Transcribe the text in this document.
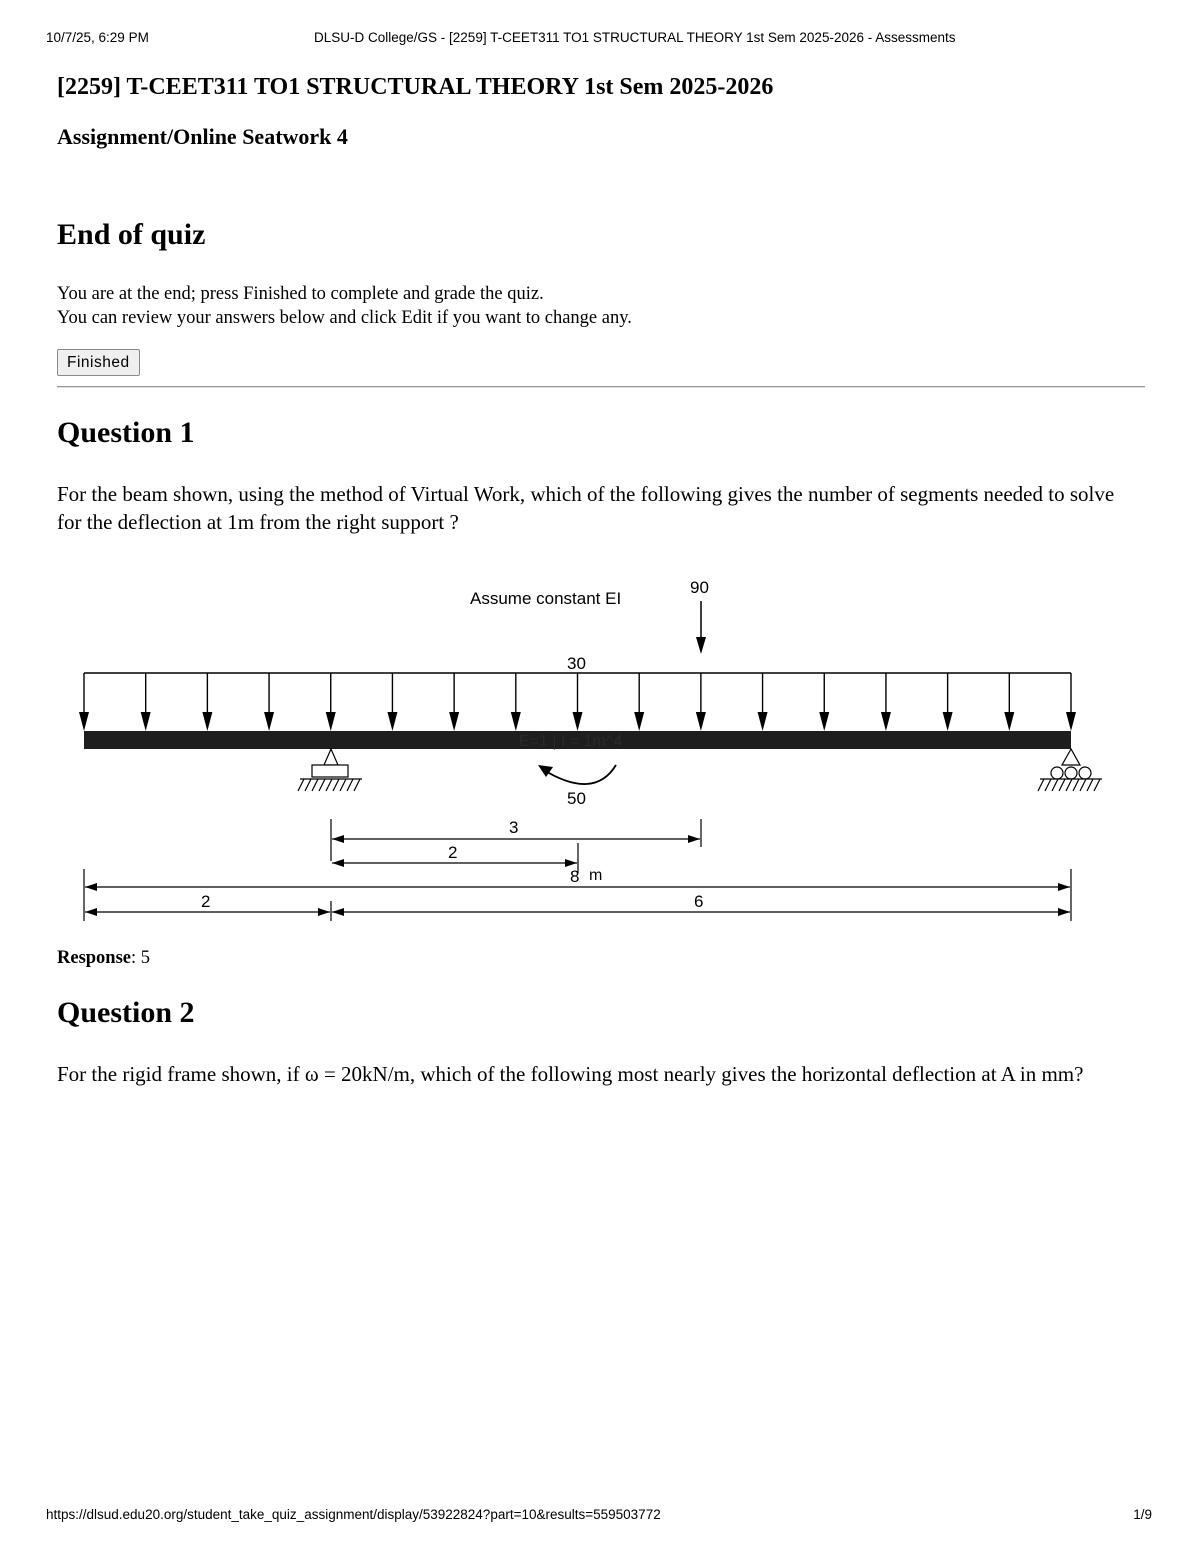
10/7/25, 6:29 PM	DLSU-D College/GS - [2259] T-CEET311 TO1 STRUCTURAL THEORY 1st Sem 2025-2026 - Assessments
[2259] T-CEET311 TO1 STRUCTURAL THEORY 1st Sem 2025-2026
Assignment/Online Seatwork 4
End of quiz
You are at the end; press Finished to complete and grade the quiz.
You can review your answers below and click Edit if you want to change any.
Finished
Question 1
For the beam shown, using the method of Virtual Work, which of the following gives the number of segments needed to solve for the deflection at 1m from the right support ?
Response: 5
Question 2
For the rigid frame shown, if ω = 20kN/m, which of the following most nearly gives the horizontal deflection at A in mm?
Assume constant EI
90
30
E=1 | I = 1m^4
50
3
2
8 m
2	6
https://dlsud.edu20.org/student_take_quiz_assignment/display/53922824?part=10&results=559503772	1/9
